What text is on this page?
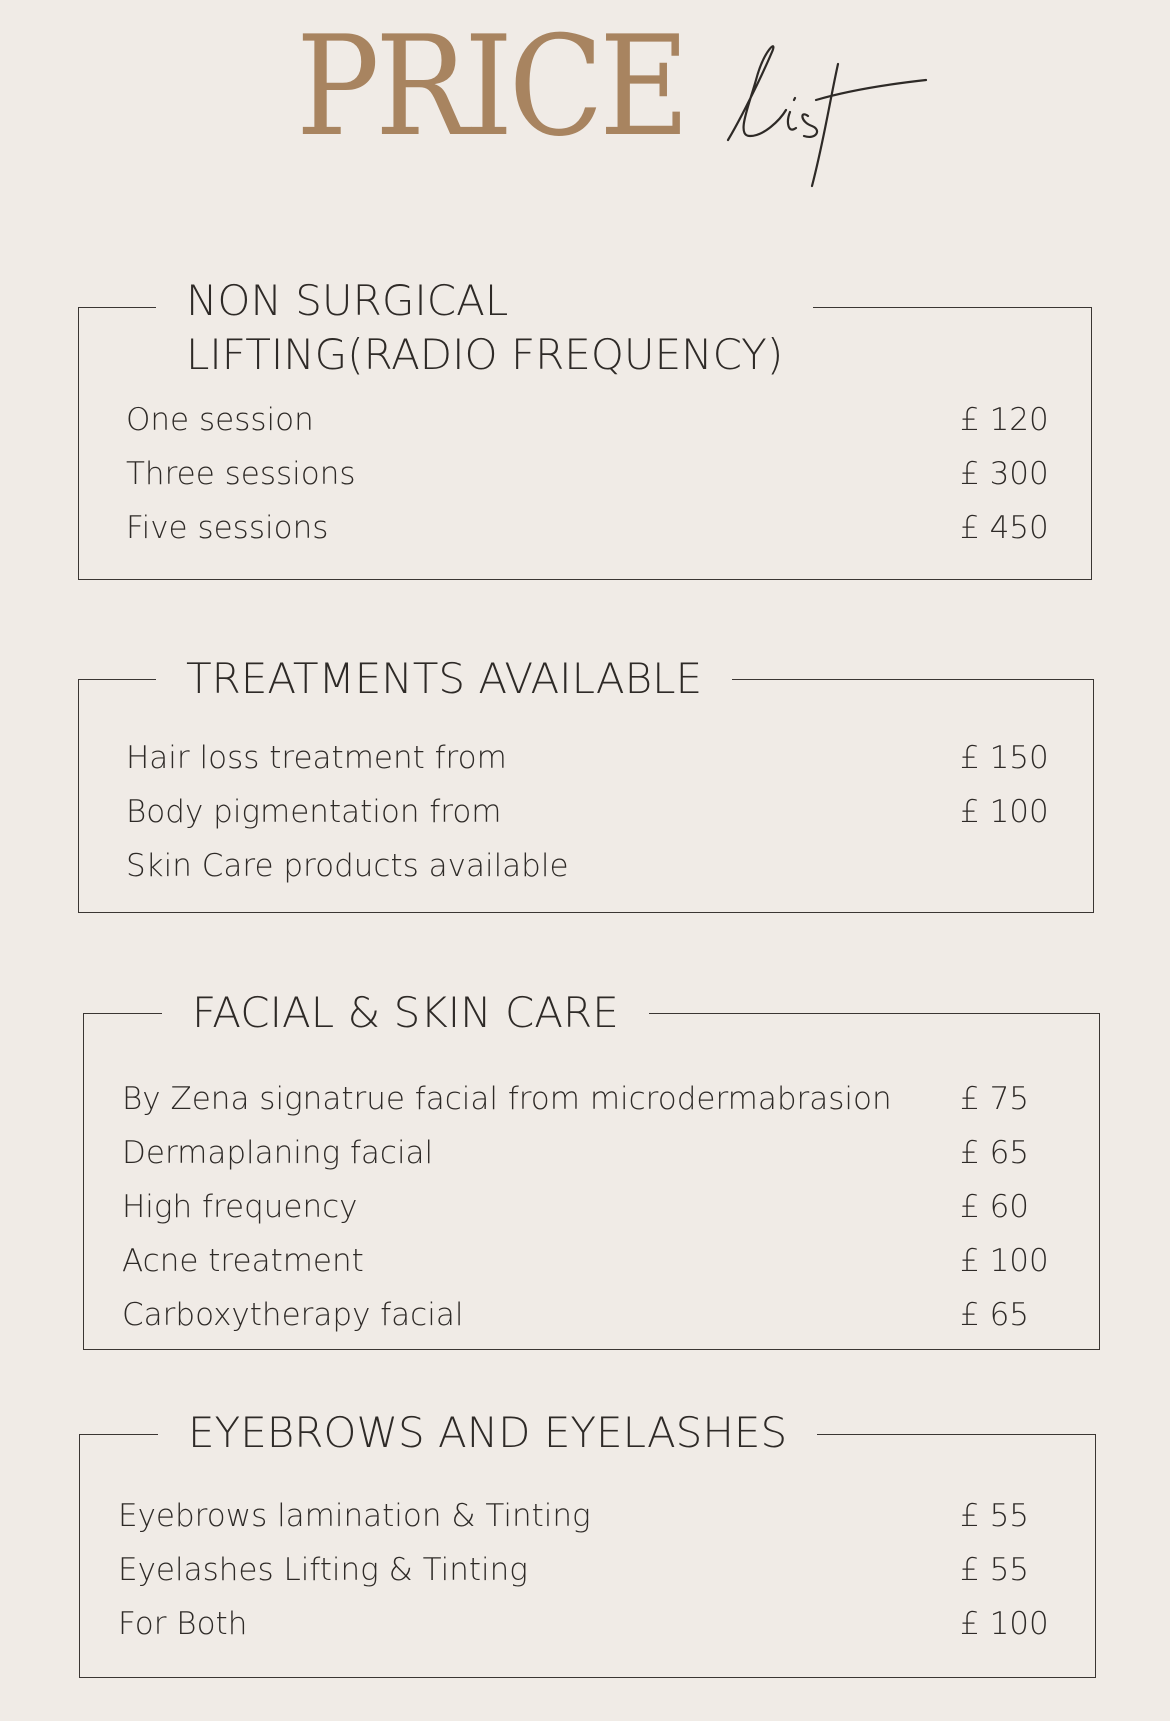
PRICE
NON SURGICAL
LIFTING(RADIO FREQUENCY)
One session	£ 120
Three sessions	£ 300
Five sessions	£ 450
TREATMENTS AVAILABLE
Hair loss treatment from	£ 150
Body pigmentation from	£ 100
Skin Care products available
FACIAL & SKIN CARE
By Zena signatrue facial from microdermabrasion £ 75
Dermaplaning facial	£ 65
High frequency	£ 60
Acne treatment	£ 100
Carboxytherapy facial	£ 65
EYEBROWS AND EYELASHES
Eyebrows lamination & Tinting	£ 55
Eyelashes Lifting & Tinting	£ 55
For Both	£ 100
